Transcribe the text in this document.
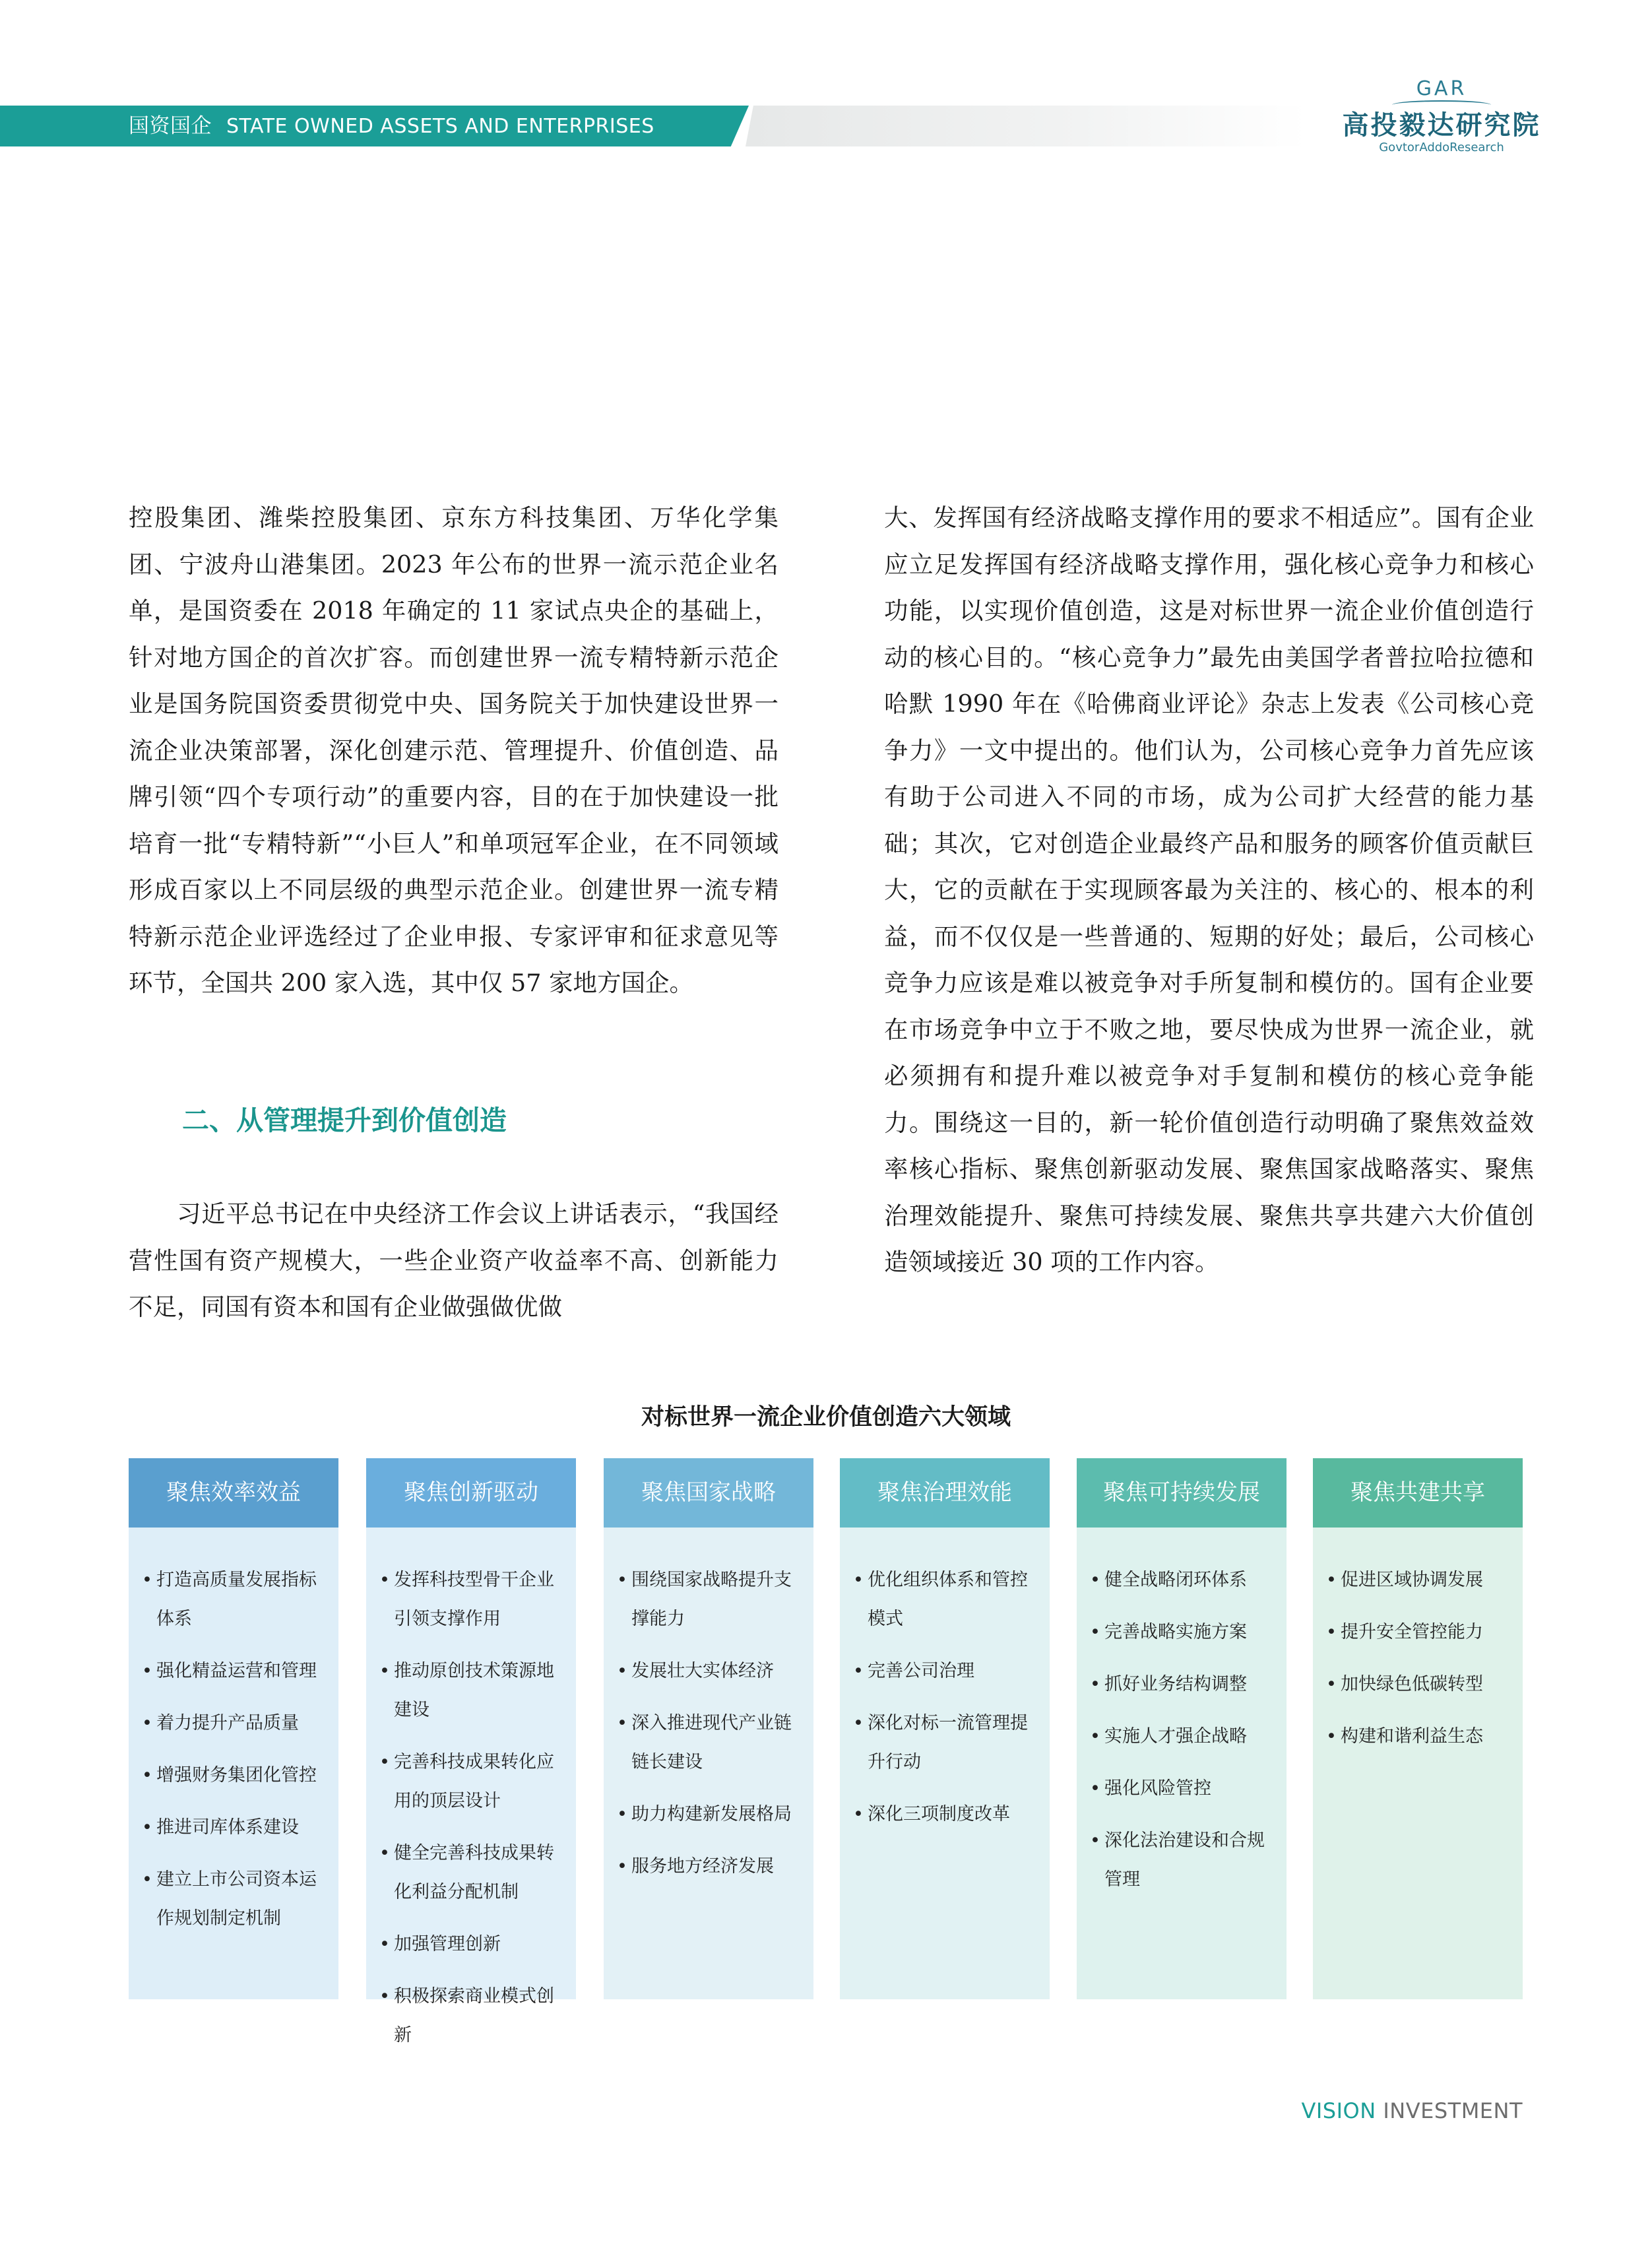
国资国企 STATE OWNED ASSETS AND ENTERPRISES
GAR
高投毅达研究院
GovtorAddoResearch

控股集团、潍柴控股集团、京东方科技集团、万华化学集团、宁波舟山港集团。2023 年公布的世界一流示范企业名单，是国资委在 2018 年确定的 11 家试点央企的基础上，针对地方国企的首次扩容。而创建世界一流专精特新示范企业是国务院国资委贯彻党中央、国务院关于加快建设世界一流企业决策部署，深化创建示范、管理提升、价值创造、品牌引领“四个专项行动”的重要内容，目的在于加快建设一批培育一批“专精特新”“小巨人”和单项冠军企业，在不同领域形成百家以上不同层级的典型示范企业。创建世界一流专精特新示范企业评选经过了企业申报、专家评审和征求意见等环节，全国共 200 家入选，其中仅 57 家地方国企。

二、从管理提升到价值创造

习近平总书记在中央经济工作会议上讲话表示，“我国经营性国有资产规模大，一些企业资产收益率不高、创新能力不足，同国有资本和国有企业做强做优做

大、发挥国有经济战略支撑作用的要求不相适应”。国有企业应立足发挥国有经济战略支撑作用，强化核心竞争力和核心功能，以实现价值创造，这是对标世界一流企业价值创造行动的核心目的。“核心竞争力”最先由美国学者普拉哈拉德和哈默 1990 年在《哈佛商业评论》杂志上发表《公司核心竞争力》一文中提出的。他们认为，公司核心竞争力首先应该有助于公司进入不同的市场，成为公司扩大经营的能力基础；其次，它对创造企业最终产品和服务的顾客价值贡献巨大，它的贡献在于实现顾客最为关注的、核心的、根本的利益，而不仅仅是一些普通的、短期的好处；最后，公司核心竞争力应该是难以被竞争对手所复制和模仿的。国有企业要在市场竞争中立于不败之地，要尽快成为世界一流企业，就必须拥有和提升难以被竞争对手复制和模仿的核心竞争能力。围绕这一目的，新一轮价值创造行动明确了聚焦效益效率核心指标、聚焦创新驱动发展、聚焦国家战略落实、聚焦治理效能提升、聚焦可持续发展、聚焦共享共建六大价值创造领域接近 30 项的工作内容。

对标世界一流企业价值创造六大领域
聚焦效率效益
• 打造高质量发展指标体系
• 强化精益运营和管理
• 着力提升产品质量
• 增强财务集团化管控
• 推进司库体系建设
• 建立上市公司资本运作规划制定机制
聚焦创新驱动
• 发挥科技型骨干企业引领支撑作用
• 推动原创技术策源地建设
• 完善科技成果转化应用的顶层设计
• 健全完善科技成果转化利益分配机制
• 加强管理创新
• 积极探索商业模式创新
聚焦国家战略
• 围绕国家战略提升支撑能力
• 发展壮大实体经济
• 深入推进现代产业链链长建设
• 助力构建新发展格局
• 服务地方经济发展
聚焦治理效能
• 优化组织体系和管控模式
• 完善公司治理
• 深化对标一流管理提升行动
• 深化三项制度改革
聚焦可持续发展
• 健全战略闭环体系
• 完善战略实施方案
• 抓好业务结构调整
• 实施人才强企战略
• 强化风险管控
• 深化法治建设和合规管理
聚焦共建共享
• 促进区域协调发展
• 提升安全管控能力
• 加快绿色低碳转型
• 构建和谐利益生态
VISION INVESTMENT
